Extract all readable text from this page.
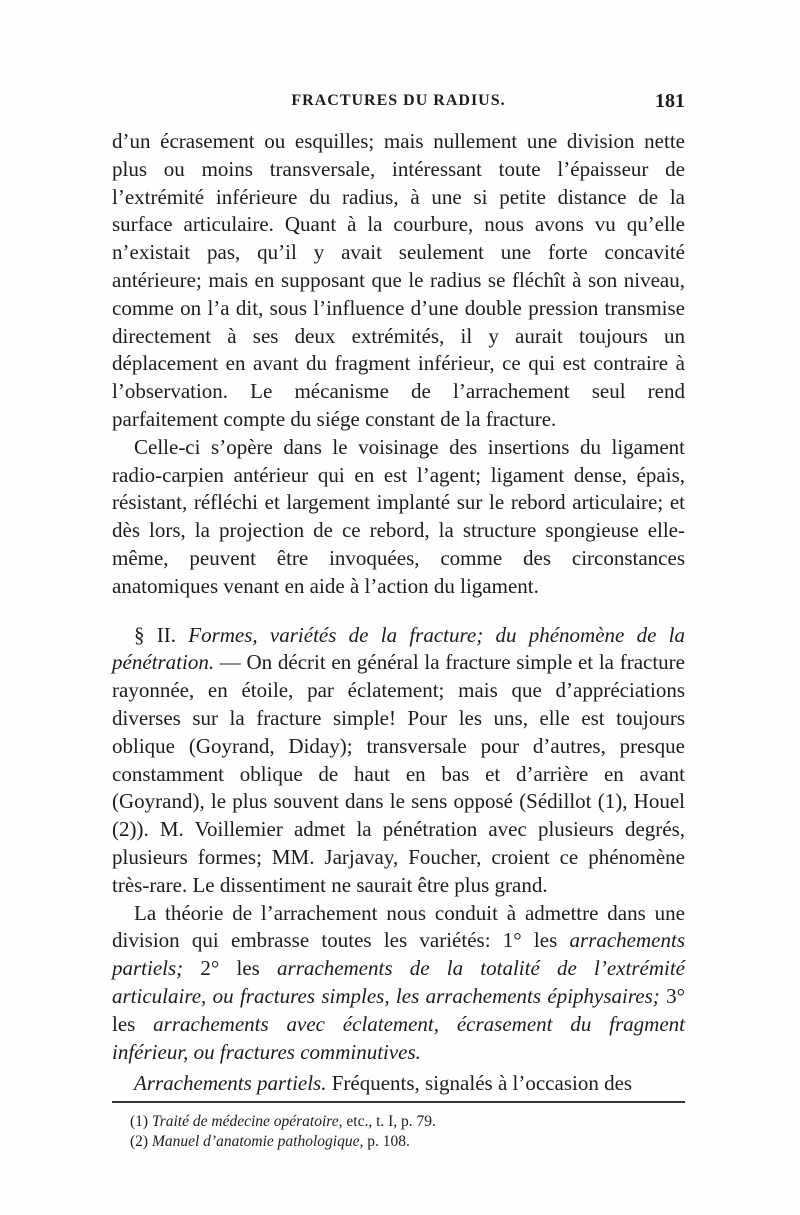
FRACTURES DU RADIUS.	181

d’un écrasement ou esquilles; mais nullement une division nette plus ou moins transversale, intéressant toute l’épaisseur de l’extrémité inférieure du radius, à une si petite distance de la surface articulaire. Quant à la courbure, nous avons vu qu’elle n’existait pas, qu’il y avait seulement une forte concavité antérieure; mais en supposant que le radius se fléchît à son niveau, comme on l’a dit, sous l’influence d’une double pression transmise directement à ses deux extrémités, il y aurait toujours un déplacement en avant du fragment inférieur, ce qui est contraire à l’observation. Le mécanisme de l’arrachement seul rend parfaitement compte du siége constant de la fracture.

Celle-ci s’opère dans le voisinage des insertions du ligament radio-carpien antérieur qui en est l’agent; ligament dense, épais, résistant, réfléchi et largement implanté sur le rebord articulaire; et dès lors, la projection de ce rebord, la structure spongieuse elle-même, peuvent être invoquées, comme des circonstances anatomiques venant en aide à l’action du ligament.

§ II. Formes, variétés de la fracture; du phénomène de la pénétration. — On décrit en général la fracture simple et la fracture rayonnée, en étoile, par éclatement; mais que d’appréciations diverses sur la fracture simple! Pour les uns, elle est toujours oblique (Goyrand, Diday); transversale pour d’autres, presque constamment oblique de haut en bas et d’arrière en avant (Goyrand), le plus souvent dans le sens opposé (Sédillot (1), Houel (2)). M. Voillemier admet la pénétration avec plusieurs degrés, plusieurs formes; MM. Jarjavay, Foucher, croient ce phénomène très-rare. Le dissentiment ne saurait être plus grand.

La théorie de l’arrachement nous conduit à admettre dans une division qui embrasse toutes les variétés: 1° les arrachements partiels; 2° les arrachements de la totalité de l’extrémité articulaire, ou fractures simples, les arrachements épiphysaires; 3° les arrachements avec éclatement, écrasement du fragment inférieur, ou fractures comminutives.

Arrachements partiels. Fréquents, signalés à l’occasion des

(1) Traité de médecine opératoire, etc., t. I, p. 79.
(2) Manuel d’anatomie pathologique, p. 108.
